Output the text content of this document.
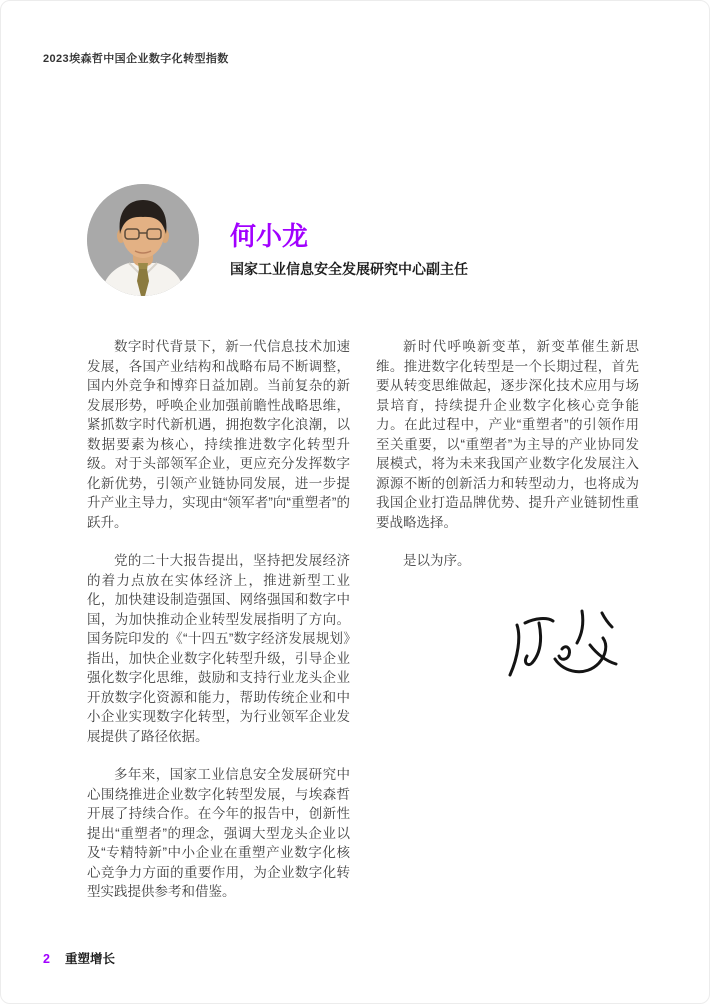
2023埃森哲中国企业数字化转型指数
何小龙
国家工业信息安全发展研究中心副主任

数字时代背景下，新一代信息技术加速发展，各国产业结构和战略布局不断调整，国内外竞争和博弈日益加剧。当前复杂的新发展形势，呼唤企业加强前瞻性战略思维，紧抓数字时代新机遇，拥抱数字化浪潮，以数据要素为核心，持续推进数字化转型升级。对于头部领军企业，更应充分发挥数字化新优势，引领产业链协同发展，进一步提升产业主导力，实现由“领军者”向“重塑者”的跃升。

党的二十大报告提出，坚持把发展经济的着力点放在实体经济上，推进新型工业化，加快建设制造强国、网络强国和数字中国，为加快推动企业转型发展指明了方向。国务院印发的《“十四五”数字经济发展规划》指出，加快企业数字化转型升级，引导企业强化数字化思维，鼓励和支持行业龙头企业开放数字化资源和能力，帮助传统企业和中小企业实现数字化转型，为行业领军企业发展提供了路径依据。

多年来，国家工业信息安全发展研究中心围绕推进企业数字化转型发展，与埃森哲开展了持续合作。在今年的报告中，创新性提出“重塑者”的理念，强调大型龙头企业以及“专精特新”中小企业在重塑产业数字化核心竞争力方面的重要作用，为企业数字化转型实践提供参考和借鉴。

新时代呼唤新变革，新变革催生新思维。推进数字化转型是一个长期过程，首先要从转变思维做起，逐步深化技术应用与场景培育，持续提升企业数字化核心竞争能力。在此过程中，产业“重塑者”的引领作用至关重要，以“重塑者”为主导的产业协同发展模式，将为未来我国产业数字化发展注入源源不断的创新活力和转型动力，也将成为我国企业打造品牌优势、提升产业链韧性重要战略选择。

是以为序。

2 重塑增长
